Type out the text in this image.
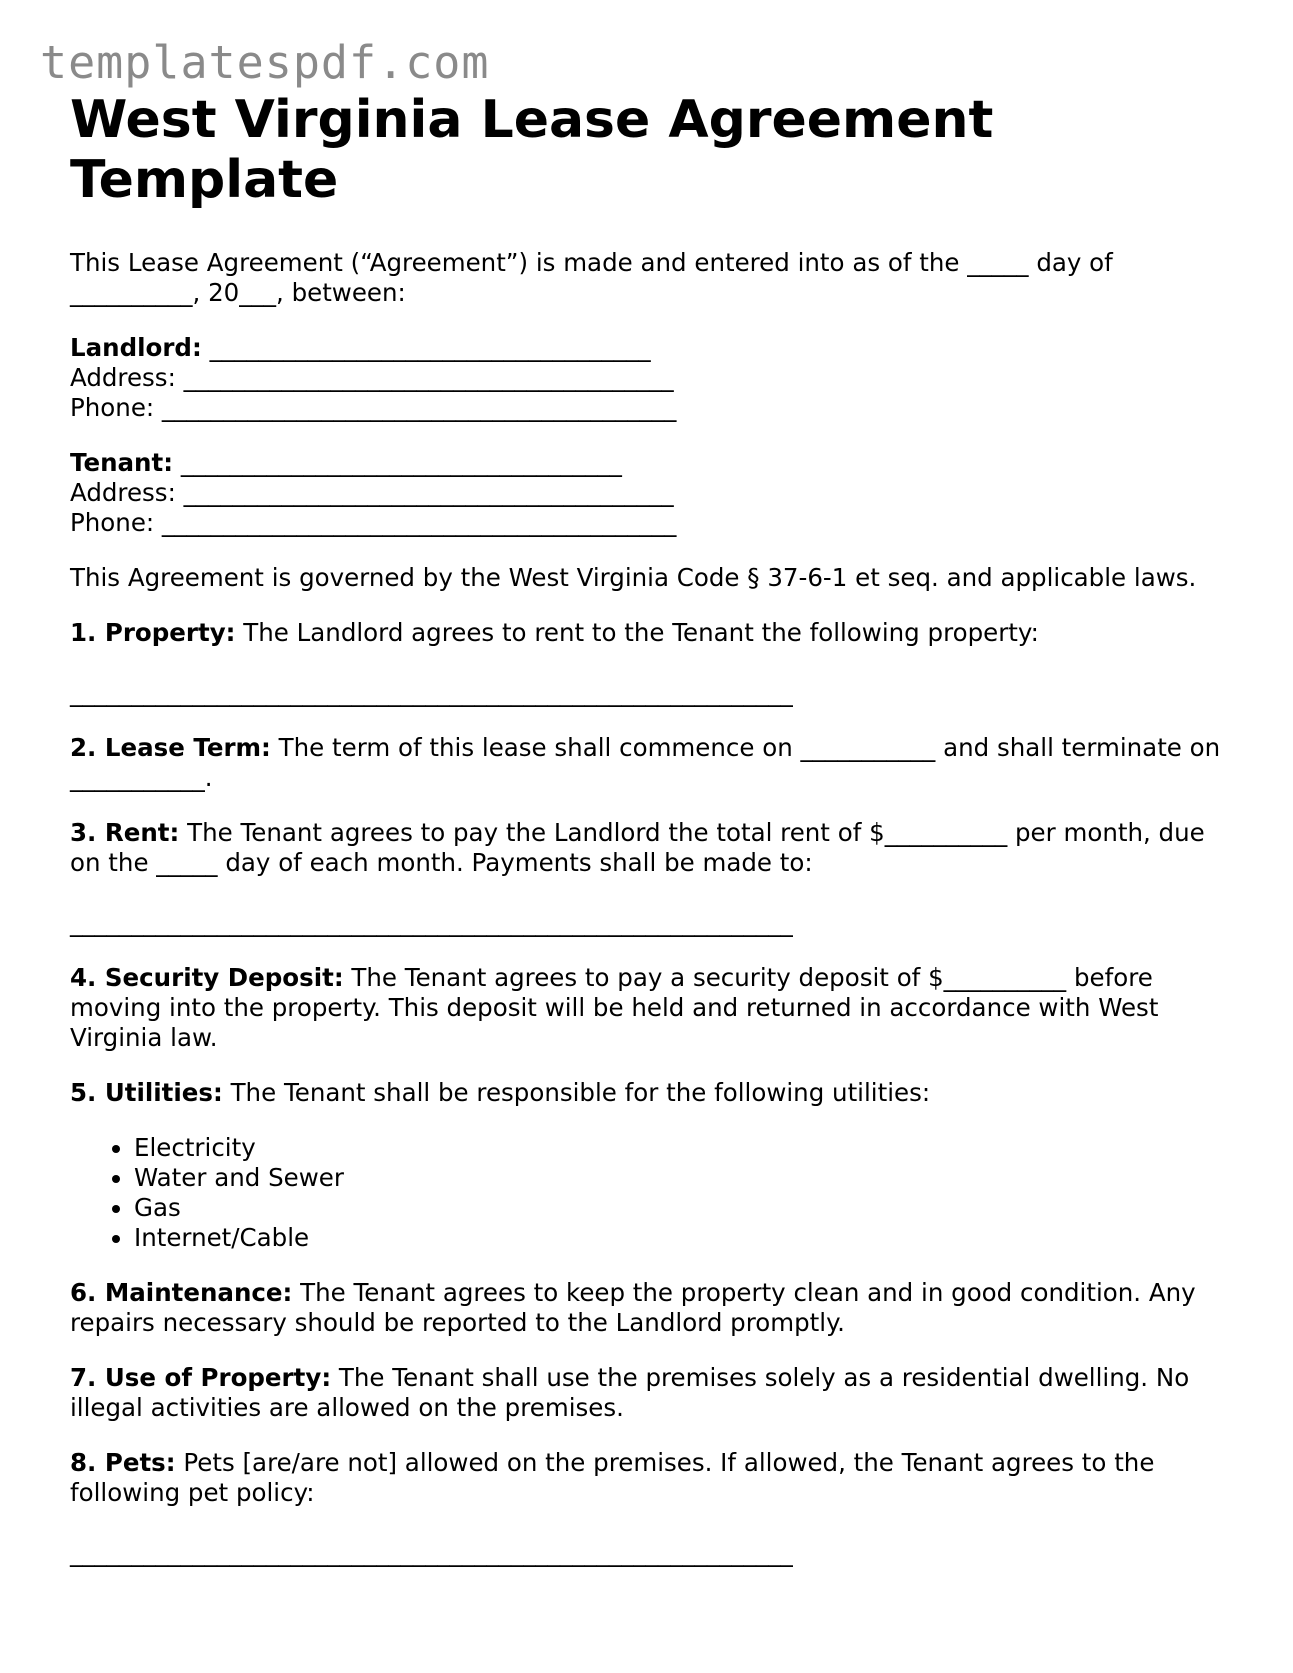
templatespdf.com
West Virginia Lease Agreement Template

This Lease Agreement (“Agreement”) is made and entered into as of the _____ day of __________, 20___, between:

Landlord: ____________________________________
Address: ________________________________________
Phone: __________________________________________
Tenant: ____________________________________
Address: ________________________________________
Phone: __________________________________________

This Agreement is governed by the West Virginia Code § 37-6-1 et seq. and applicable laws.

1. Property: The Landlord agrees to rent to the Tenant the following property:

___________________________________________________________

2. Lease Term: The term of this lease shall commence on ___________ and shall terminate on ___________.

3. Rent: The Tenant agrees to pay the Landlord the total rent of $__________ per month, due on the _____ day of each month. Payments shall be made to:

___________________________________________________________

4. Security Deposit: The Tenant agrees to pay a security deposit of $__________ before moving into the property. This deposit will be held and returned in accordance with West Virginia law.

5. Utilities: The Tenant shall be responsible for the following utilities:

• Electricity
• Water and Sewer
• Gas
• Internet/Cable

6. Maintenance: The Tenant agrees to keep the property clean and in good condition. Any repairs necessary should be reported to the Landlord promptly.

7. Use of Property: The Tenant shall use the premises solely as a residential dwelling. No illegal activities are allowed on the premises.

8. Pets: Pets [are/are not] allowed on the premises. If allowed, the Tenant agrees to the following pet policy:

___________________________________________________________
